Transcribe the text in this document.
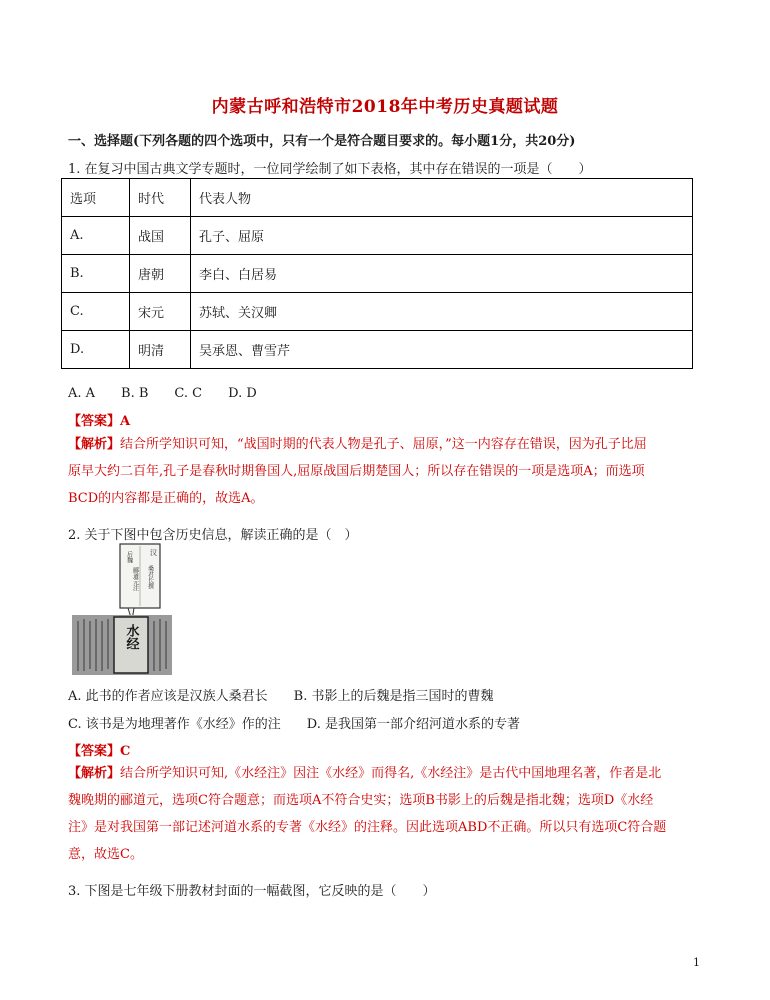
内蒙古呼和浩特市2018年中考历史真题试题
一、选择题(下列各题的四个选项中，只有一个是符合题目要求的。每小题1分，共20分)
1. 在复习中国古典文学专题时，一位同学绘制了如下表格，其中存在错误的一项是（　　）
选项	时代	代表人物
A.	战国	孔子、屈原
B.	唐朝	李白、白居易
C.	宋元	苏轼、关汉卿
D.	明清	吴承恩、曹雪芹
A. A　　B. B　　C. C　　D. D
【答案】A
【解析】结合所学知识可知，“战国时期的代表人物是孔子、屈原，”这一内容存在错误，因为孔子比屈
原早大约二百年,孔子是春秋时期鲁国人,屈原战国后期楚国人；所以存在错误的一项是选项A；而选项
BCD的内容都是正确的，故选A。
2. 关于下图中包含历史信息，解读正确的是（　）
汉
桑君长撰
后魏
郦道元注
水经
A. 此书的作者应该是汉族人桑君长 B. 书影上的后魏是指三国时的曹魏
C. 该书是为地理著作《水经》作的注 D. 是我国第一部介绍河道水系的专著
【答案】C
【解析】结合所学知识可知,《水经注》因注《水经》而得名,《水经注》是古代中国地理名著，作者是北
魏晚期的郦道元，选项C符合题意；而选项A不符合史实；选项B书影上的后魏是指北魏；选项D《水经
注》是对我国第一部记述河道水系的专著《水经》的注释。因此选项ABD不正确。所以只有选项C符合题
意，故选C。
3. 下图是七年级下册教材封面的一幅截图，它反映的是（　　）
1
